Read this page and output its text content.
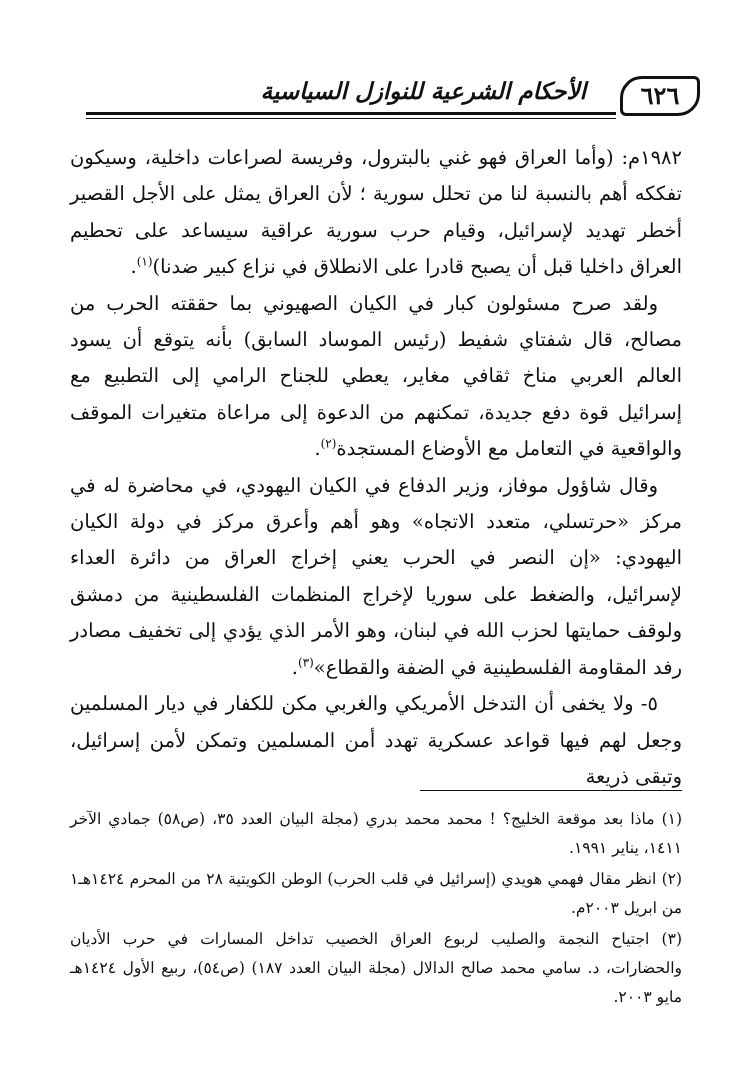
الأحكام الشرعية للنوازل السياسية	٦٢٦

١٩٨٢م: (وأما العراق فهو غني بالبترول، وفريسة لصراعات داخلية، وسيكون تفككه أهم بالنسبة لنا من تحلل سورية ؛ لأن العراق يمثل على الأجل القصير أخطر تهديد لإسرائيل، وقيام حرب سورية عراقية سيساعد على تحطيم العراق داخليا قبل أن يصبح قادرا على الانطلاق في نزاع كبير ضدنا)$^{(١)}$.

ولقد صرح مسئولون كبار في الكيان الصهيوني بما حققته الحرب من مصالح، قال شفتاي شفيط (رئيس الموساد السابق) بأنه يتوقع أن يسود العالم العربي مناخ ثقافي مغاير، يعطي للجناح الرامي إلى التطبيع مع إسرائيل قوة دفع جديدة، تمكنهم من الدعوة إلى مراعاة متغيرات الموقف والواقعية في التعامل مع الأوضاع المستجدة$^{(٢)}$.

وقال شاؤول موفاز، وزير الدفاع في الكيان اليهودي، في محاضرة له في مركز «حرتسلي، متعدد الاتجاه» وهو أهم وأعرق مركز في دولة الكيان اليهودي: «إن النصر في الحرب يعني إخراج العراق من دائرة العداء لإسرائيل، والضغط على سوريا لإخراج المنظمات الفلسطينية من دمشق ولوقف حمايتها لحزب الله في لبنان، وهو الأمر الذي يؤدي إلى تخفيف مصادر رفد المقاومة الفلسطينية في الضفة والقطاع»$^{(٣)}$.

٥- ولا يخفى أن التدخل الأمريكي والغربي مكن للكفار في ديار المسلمين وجعل لهم فيها قواعد عسكرية تهدد أمن المسلمين وتمكن لأمن إسرائيل، وتبقى ذريعة

(١) ماذا بعد موقعة الخليج؟ ! محمد محمد بدري (مجلة البيان العدد ٣٥، (ص٥٨) جمادي الآخر ١٤١١، يناير ١٩٩١.

(٢) انظر مقال فهمي هويدي (إسرائيل في قلب الحرب) الوطن الكويتية ٢٨ من المحرم ١٤٢٤هـ١ من ابريل ٢٠٠٣م.

(٣) اجتياح النجمة والصليب لربوع العراق الخصيب تداخل المسارات في حرب الأديان والحضارات، د. سامي محمد صالح الدالال (مجلة البيان العدد ١٨٧) (ص٥٤)، ربيع الأول ١٤٢٤هـ مايو ٢٠٠٣.
